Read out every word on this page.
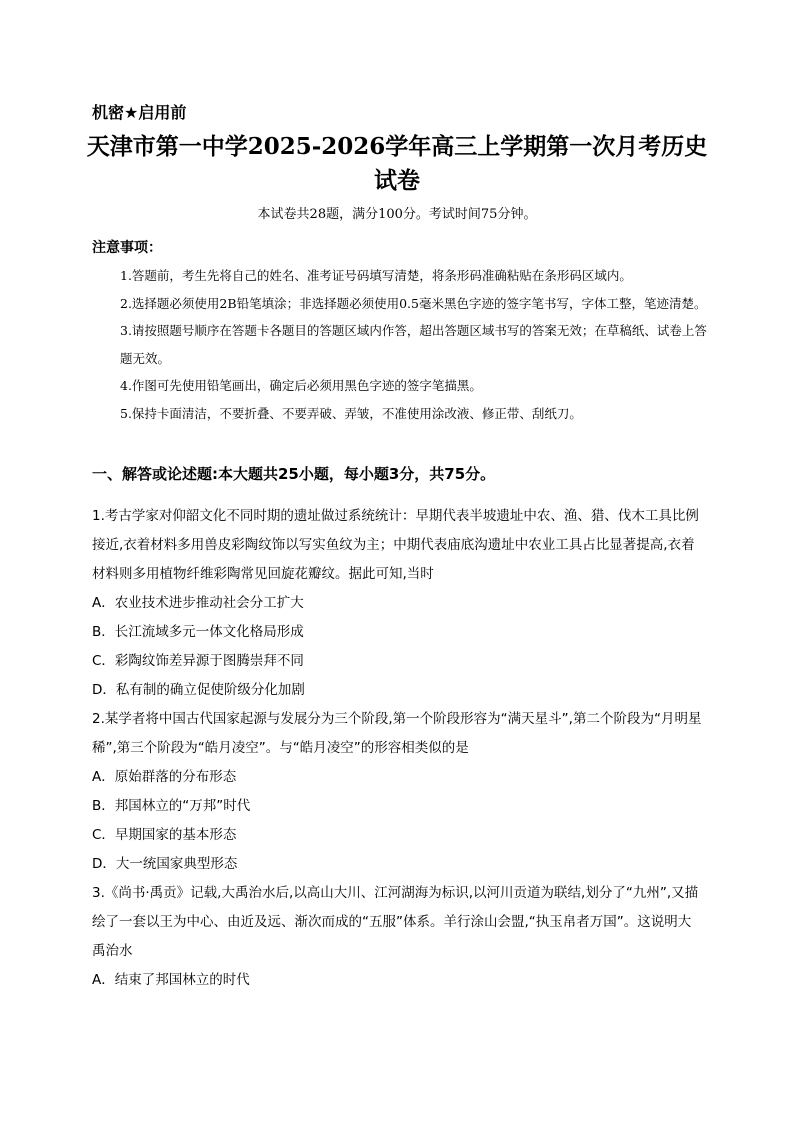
机密★启用前
天津市第一中学2025-2026学年高三上学期第一次月考历史试卷
本试卷共28题，满分100分。考试时间75分钟。
注意事项：

1.答题前，考生先将自己的姓名、准考证号码填写清楚，将条形码准确粘贴在条形码区域内。

2.选择题必须使用2B铅笔填涂；非选择题必须使用0.5毫米黑色字迹的签字笔书写，字体工整，笔迹清楚。

3.请按照题号顺序在答题卡各题目的答题区域内作答，超出答题区域书写的答案无效；在草稿纸、试卷上答题无效。

4.作图可先使用铅笔画出，确定后必须用黑色字迹的签字笔描黑。

5.保持卡面清洁，不要折叠、不要弄破、弄皱，不准使用涂改液、修正带、刮纸刀。

一、解答或论述题:本大题共25小题，每小题3分，共75分。

1.考古学家对仰韶文化不同时期的遗址做过系统统计：早期代表半坡遗址中农、渔、猎、伐木工具比例接近,衣着材料多用兽皮彩陶纹饰以写实鱼纹为主；中期代表庙底沟遗址中农业工具占比显著提高,衣着材料则多用植物纤维彩陶常见回旋花瓣纹。据此可知,当时

A．农业技术进步推动社会分工扩大

B．长江流域多元一体文化格局形成

C．彩陶纹饰差异源于图腾崇拜不同

D．私有制的确立促使阶级分化加剧

2.某学者将中国古代国家起源与发展分为三个阶段,第一个阶段形容为“满天星斗”,第二个阶段为“月明星稀”,第三个阶段为“皓月凌空”。与“皓月凌空”的形容相类似的是

A．原始群落的分布形态

B．邦国林立的“万邦”时代

C．早期国家的基本形态

D．大一统国家典型形态

3.《尚书·禹贡》记载,大禹治水后,以高山大川、江河湖海为标识,以河川贡道为联结,划分了“九州”,又描绘了一套以王为中心、由近及远、渐次而成的“五服”体系。羊行涂山会盟,“执玉帛者万国”。这说明大禹治水

A．结束了邦国林立的时代
